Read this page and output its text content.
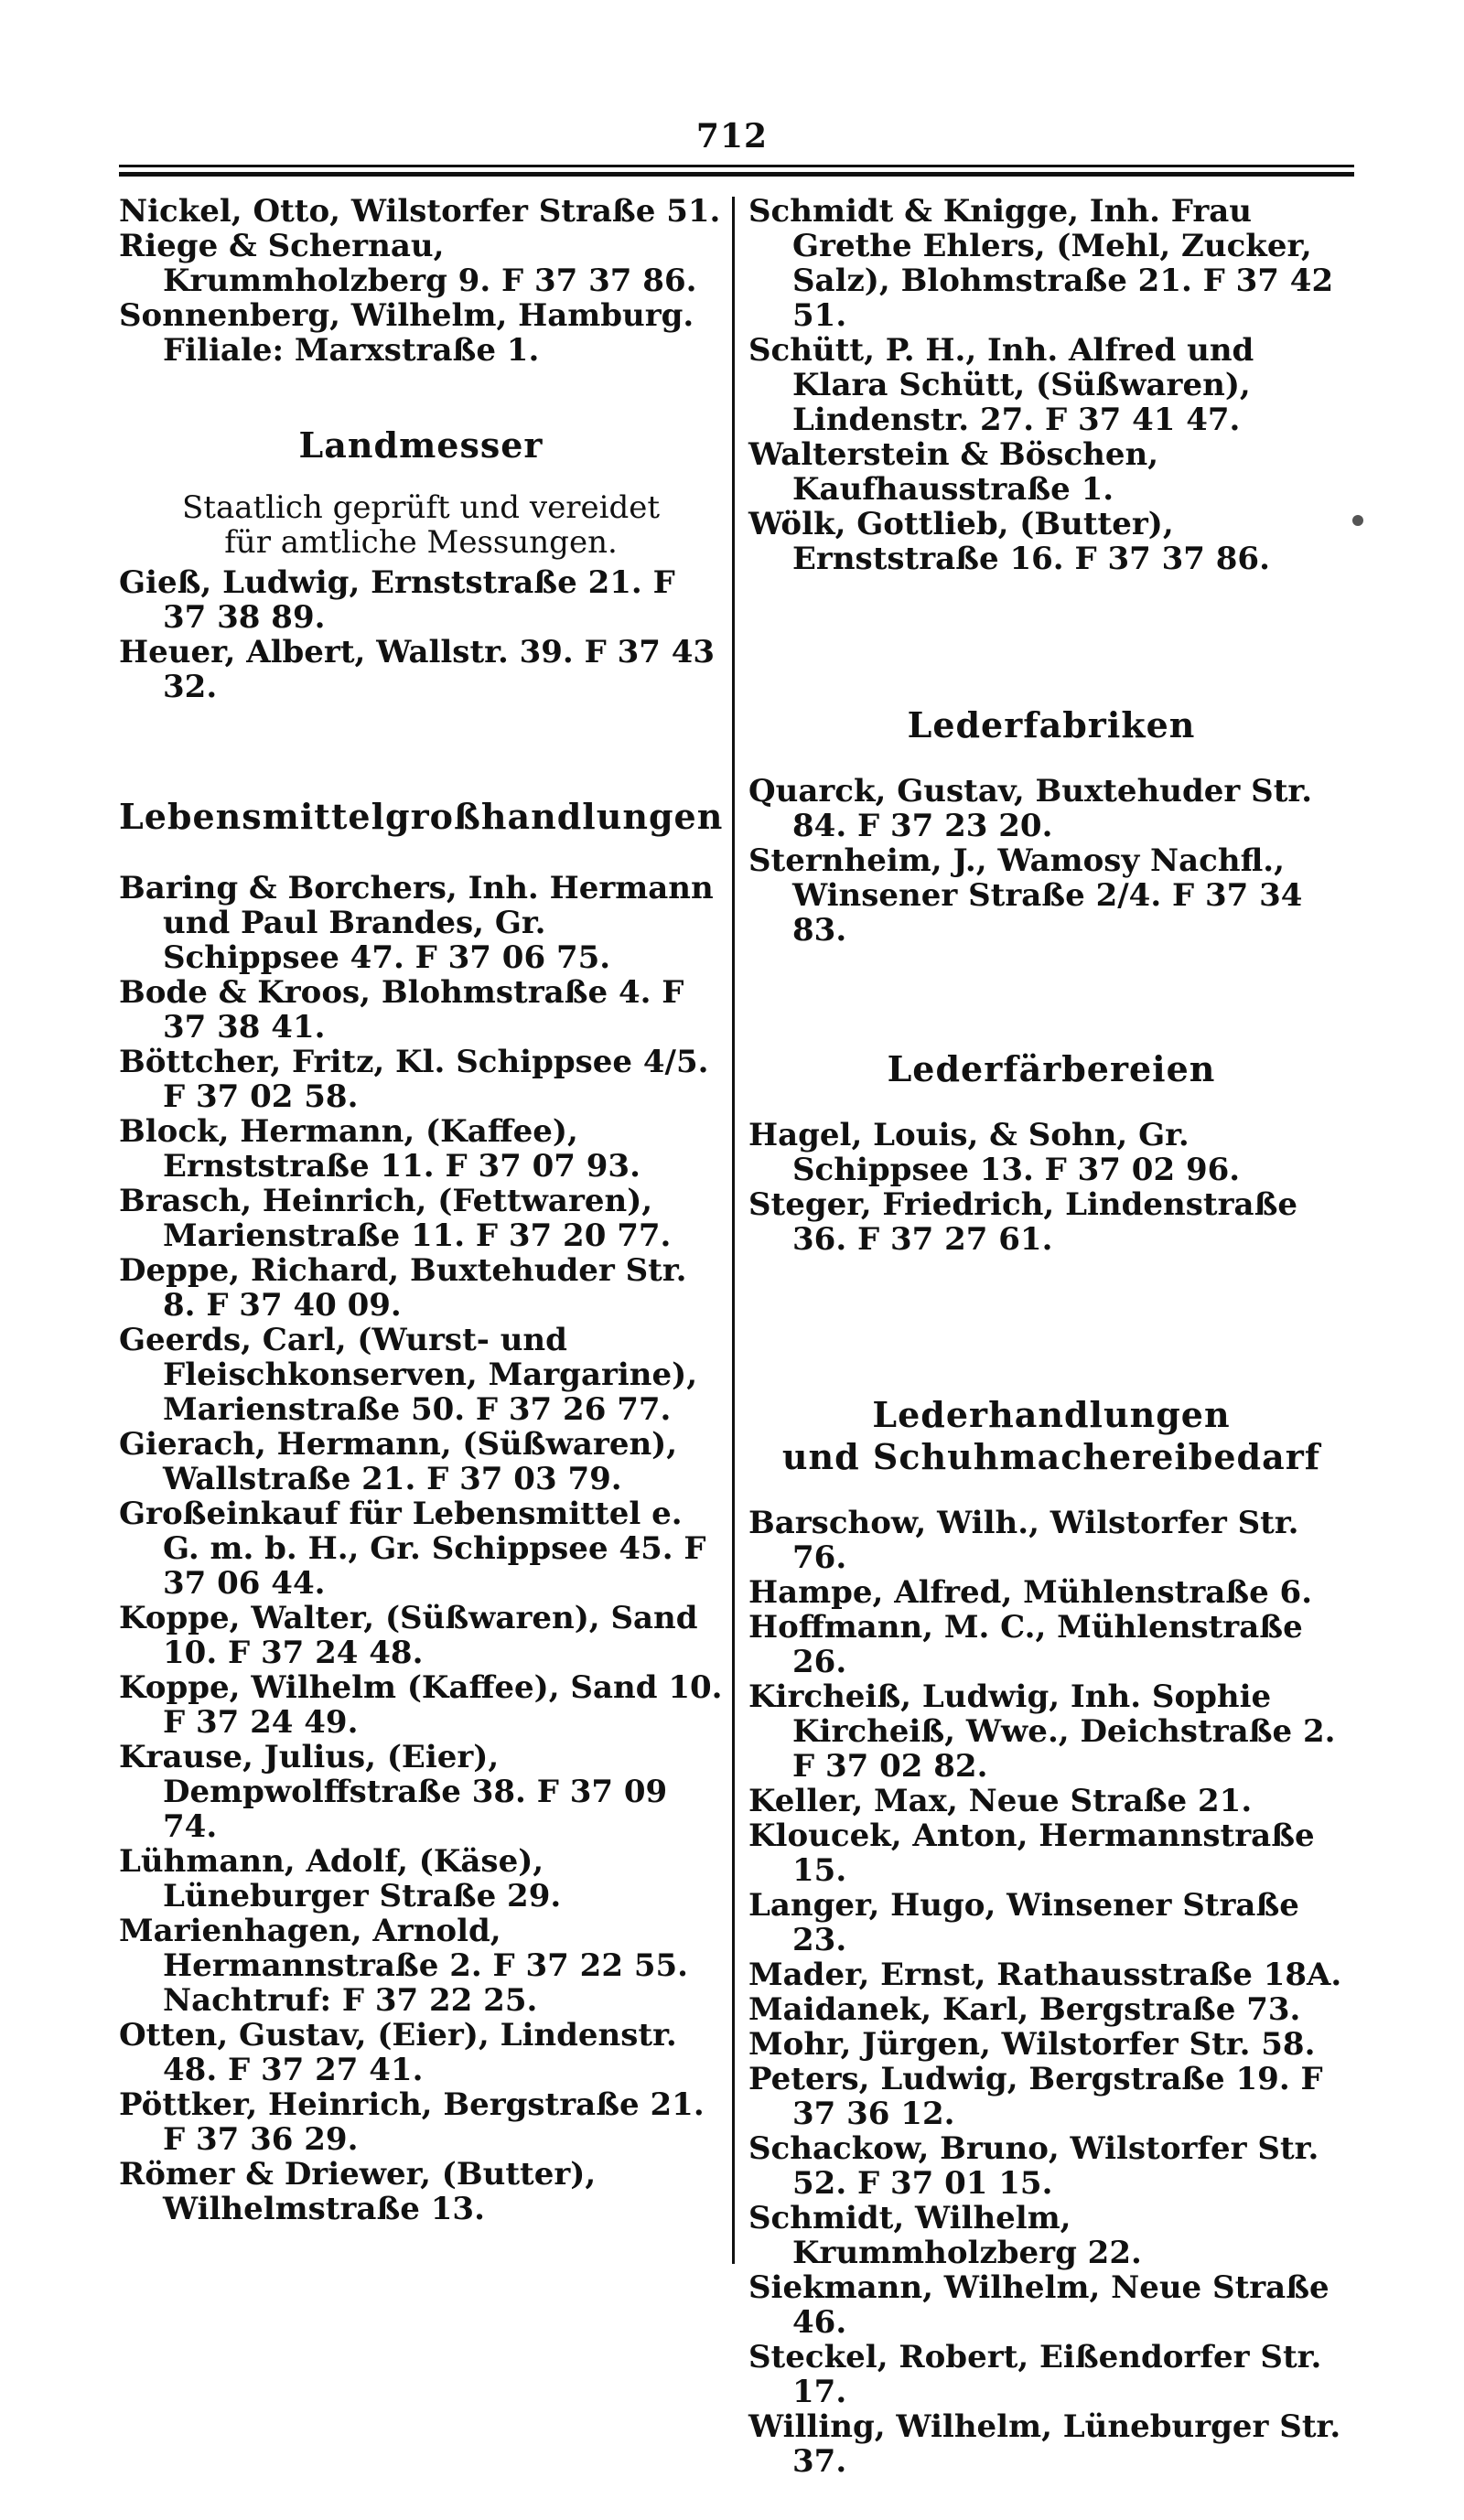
712

Nickel, Otto, Wilstorfer Straße 51.

Riege & Schernau, Krummholzberg 9. F 37 37 86.

Sonnenberg, Wilhelm, Hamburg. Filiale: Marxstraße 1.

Landmesser

Staatlich geprüft und vereidet
für amtliche Messungen.

Gieß, Ludwig, Ernststraße 21. F 37 38 89.

Heuer, Albert, Wallstr. 39. F 37 43 32.

Lebensmittelgroßhandlungen

Baring & Borchers, Inh. Hermann und Paul Brandes, Gr. Schippsee 47. F 37 06 75.

Bode & Kroos, Blohmstraße 4. F 37 38 41.

Böttcher, Fritz, Kl. Schippsee 4/5. F 37 02 58.

Block, Hermann, (Kaffee), Ernststraße 11. F 37 07 93.

Brasch, Heinrich, (Fettwaren), Marienstraße 11. F 37 20 77.

Deppe, Richard, Buxtehuder Str. 8. F 37 40 09.

Geerds, Carl, (Wurst- und Fleischkonserven, Margarine), Marienstraße 50. F 37 26 77.

Gierach, Hermann, (Süßwaren), Wallstraße 21. F 37 03 79.

Großeinkauf für Lebensmittel e. G. m. b. H., Gr. Schippsee 45. F 37 06 44.

Koppe, Walter, (Süßwaren), Sand 10. F 37 24 48.

Koppe, Wilhelm (Kaffee), Sand 10. F 37 24 49.

Krause, Julius, (Eier), Dempwolffstraße 38. F 37 09 74.

Lühmann, Adolf, (Käse), Lüneburger Straße 29.

Marienhagen, Arnold, Hermannstraße 2. F 37 22 55. Nachtruf: F 37 22 25.

Otten, Gustav, (Eier), Lindenstr. 48. F 37 27 41.

Pöttker, Heinrich, Bergstraße 21. F 37 36 29.

Römer & Driewer, (Butter), Wilhelmstraße 13.

Schmidt & Knigge, Inh. Frau Grethe Ehlers, (Mehl, Zucker, Salz), Blohmstraße 21. F 37 42 51.

Schütt, P. H., Inh. Alfred und Klara Schütt, (Süßwaren), Lindenstr. 27. F 37 41 47.

Walterstein & Böschen, Kaufhausstraße 1.

Wölk, Gottlieb, (Butter), Ernststraße 16. F 37 37 86.

Lederfabriken

Quarck, Gustav, Buxtehuder Str. 84. F 37 23 20.

Sternheim, J., Wamosy Nachfl., Winsener Straße 2/4. F 37 34 83.

Lederfärbereien

Hagel, Louis, & Sohn, Gr. Schippsee 13. F 37 02 96.

Steger, Friedrich, Lindenstraße 36. F 37 27 61.

Lederhandlungen
und Schuhmachereibedarf

Barschow, Wilh., Wilstorfer Str. 76.

Hampe, Alfred, Mühlenstraße 6.

Hoffmann, M. C., Mühlenstraße 26.

Kircheiß, Ludwig, Inh. Sophie Kircheiß, Wwe., Deichstraße 2. F 37 02 82.

Keller, Max, Neue Straße 21.

Kloucek, Anton, Hermannstraße 15.

Langer, Hugo, Winsener Straße 23.

Mader, Ernst, Rathausstraße 18A.

Maidanek, Karl, Bergstraße 73.

Mohr, Jürgen, Wilstorfer Str. 58.

Peters, Ludwig, Bergstraße 19. F 37 36 12.

Schackow, Bruno, Wilstorfer Str. 52. F 37 01 15.

Schmidt, Wilhelm, Krummholzberg 22.

Siekmann, Wilhelm, Neue Straße 46.

Steckel, Robert, Eißendorfer Str. 17.

Willing, Wilhelm, Lüneburger Str. 37.
